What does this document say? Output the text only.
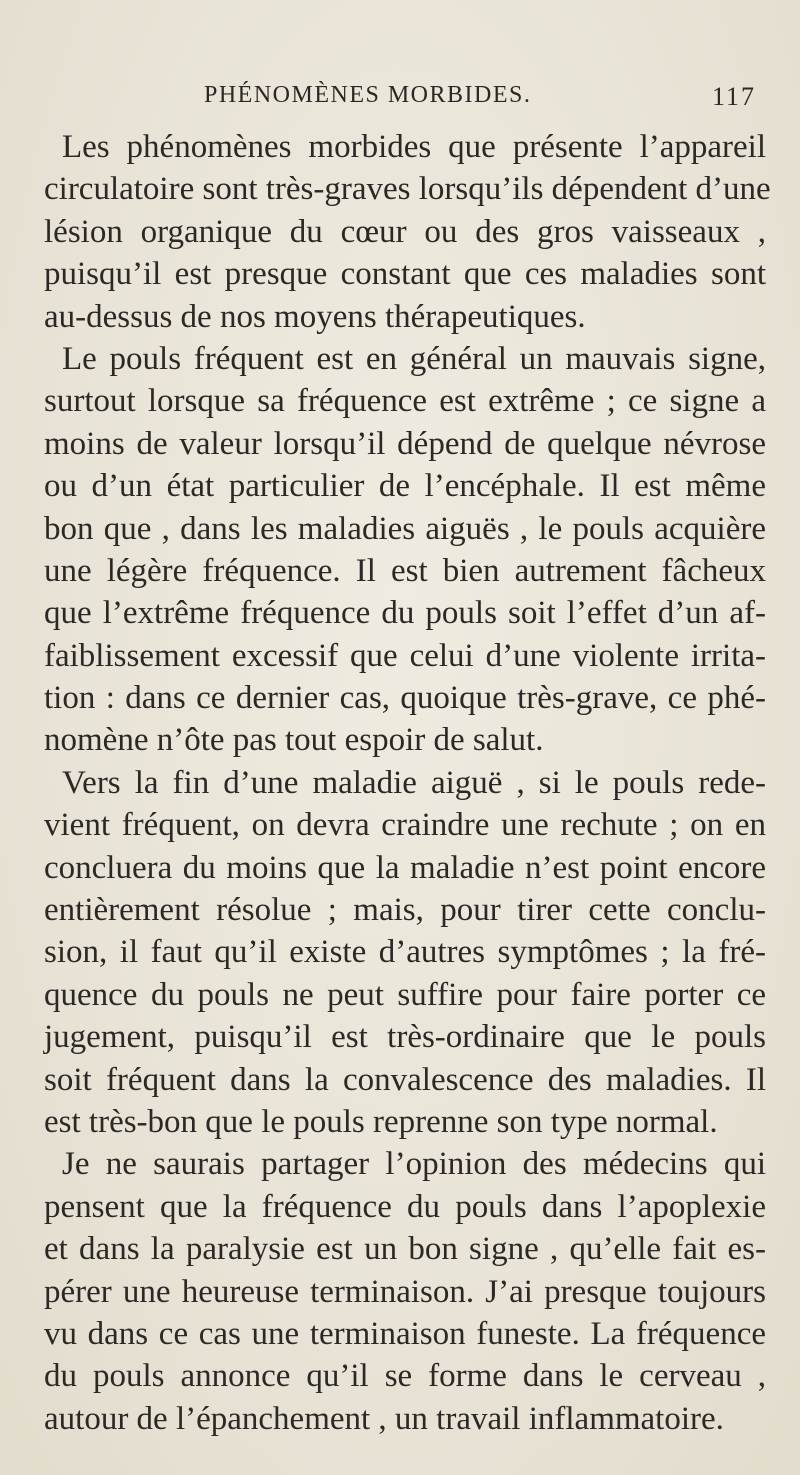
PHÉNOMÈNES MORBIDES.	117
Les phénomènes morbides que présente l’appareil
circulatoire sont très-graves lorsqu’ils dépendent d’une
lésion organique du cœur ou des gros vaisseaux ,
puisqu’il est presque constant que ces maladies sont
au-dessus de nos moyens thérapeutiques.
Le pouls fréquent est en général un mauvais signe,
surtout lorsque sa fréquence est extrême ; ce signe a
moins de valeur lorsqu’il dépend de quelque névrose
ou d’un état particulier de l’encéphale. Il est même
bon que , dans les maladies aiguës , le pouls acquière
une légère fréquence. Il est bien autrement fâcheux
que l’extrême fréquence du pouls soit l’effet d’un af-
faiblissement excessif que celui d’une violente irrita-
tion : dans ce dernier cas, quoique très-grave, ce phé-
nomène n’ôte pas tout espoir de salut.
Vers la fin d’une maladie aiguë , si le pouls rede-
vient fréquent, on devra craindre une rechute ; on en
concluera du moins que la maladie n’est point encore
entièrement résolue ; mais, pour tirer cette conclu-
sion, il faut qu’il existe d’autres symptômes ; la fré-
quence du pouls ne peut suffire pour faire porter ce
jugement, puisqu’il est très-ordinaire que le pouls
soit fréquent dans la convalescence des maladies. Il
est très-bon que le pouls reprenne son type normal.
Je ne saurais partager l’opinion des médecins qui
pensent que la fréquence du pouls dans l’apoplexie
et dans la paralysie est un bon signe , qu’elle fait es-
pérer une heureuse terminaison. J’ai presque toujours
vu dans ce cas une terminaison funeste. La fréquence
du pouls annonce qu’il se forme dans le cerveau ,
autour de l’épanchement , un travail inflammatoire.
